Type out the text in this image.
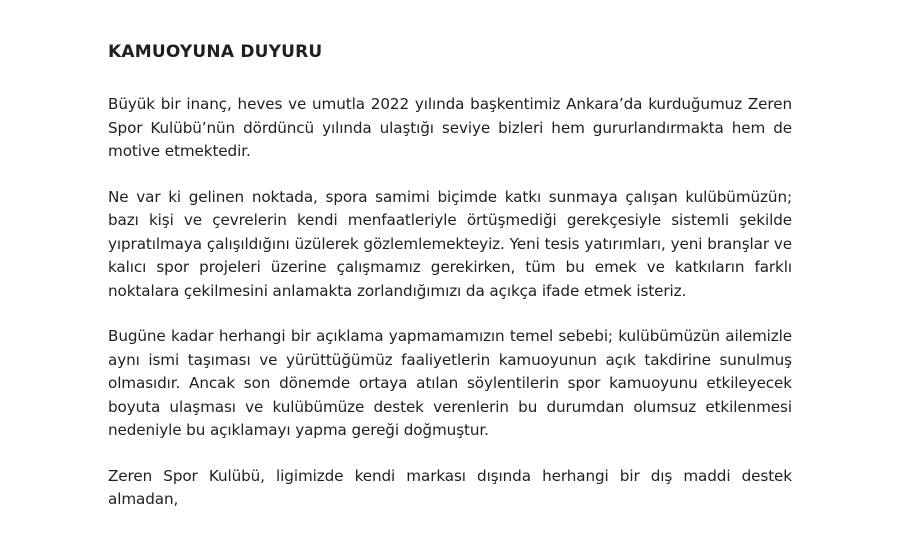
KAMUOYUNA DUYURU

Büyük bir inanç, heves ve umutla 2022 yılında başkentimiz Ankara’da kurduğumuz Zeren Spor Kulübü’nün dördüncü yılında ulaştığı seviye bizleri hem gururlandırmakta hem de motive etmektedir.

Ne var ki gelinen noktada, spora samimi biçimde katkı sunmaya çalışan kulübümüzün; bazı kişi ve çevrelerin kendi menfaatleriyle örtüşmediği gerekçesiyle sistemli şekilde yıpratılmaya çalışıldığını üzülerek gözlemlemekteyiz. Yeni tesis yatırımları, yeni branşlar ve kalıcı spor projeleri üzerine çalışmamız gerekirken, tüm bu emek ve katkıların farklı noktalara çekilmesini anlamakta zorlandığımızı da açıkça ifade etmek isteriz.

Bugüne kadar herhangi bir açıklama yapmamamızın temel sebebi; kulübümüzün ailemizle aynı ismi taşıması ve yürüttüğümüz faaliyetlerin kamuoyunun açık takdirine sunulmuş olmasıdır. Ancak son dönemde ortaya atılan söylentilerin spor kamuoyunu etkileyecek boyuta ulaşması ve kulübümüze destek verenlerin bu durumdan olumsuz etkilenmesi nedeniyle bu açıklamayı yapma gereği doğmuştur.

Zeren Spor Kulübü, ligimizde kendi markası dışında herhangi bir dış maddi destek almadan,
